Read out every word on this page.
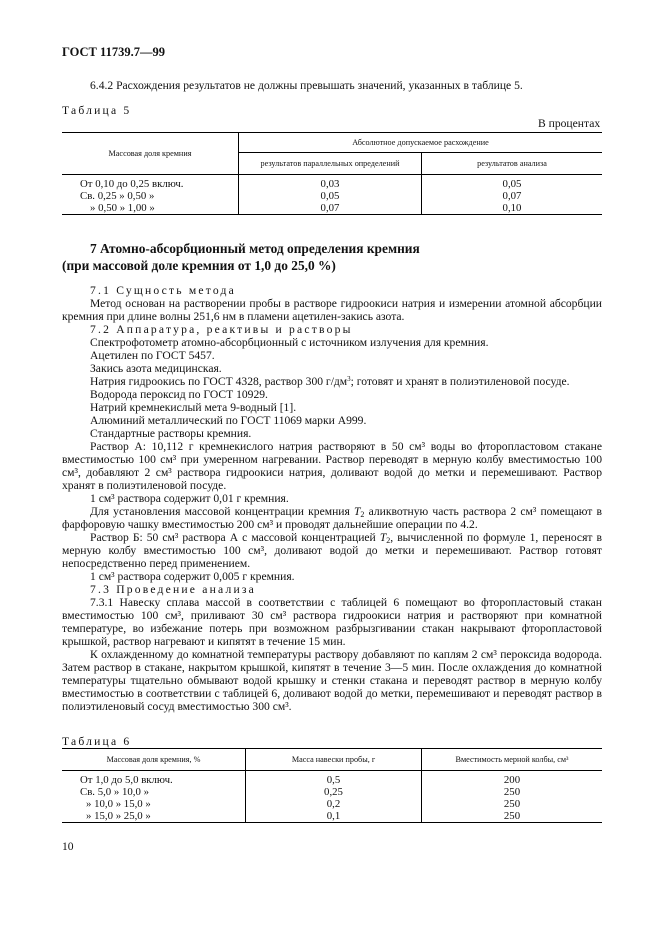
ГОСТ 11739.7—99
6.4.2 Расхождения результатов не должны превышать значений, указанных в таблице 5.
Таблица 5
В процентах
Массовая доля кремния	Абсолютное допускаемое расхождение	
	результатов параллельных определений	результатов анализа
От 0,10 до 0,25 включ.	0,03	0,05
Св. 0,25 » 0,50 »	0,05	0,07
» 0,50 » 1,00 »	0,07	0,10
7 Атомно-абсорбционный метод определения кремния
(при массовой доле кремния от 1,0 до 25,0 %)
7.1 Сущность метода
Метод основан на растворении пробы в растворе гидроокиси натрия и измерении атомной абсорбции кремния при длине волны 251,6 нм в пламени ацетилен-закись азота.
7.2 Аппаратура, реактивы и растворы
Спектрофотометр атомно-абсорбционный с источником излучения для кремния.
Ацетилен по ГОСТ 5457.
Закись азота медицинская.
Натрия гидроокись по ГОСТ 4328, раствор 300 $г/дм^3$; готовят и хранят в полиэтиленовой посуде.
Водорода пероксид по ГОСТ 10929.
Натрий кремнекислый мета 9-водный [1].
Алюминий металлический по ГОСТ 11069 марки А999.
Стандартные растворы кремния.
Раствор А: 10,112 г кремнекислого натрия растворяют в 50 см³ воды во фторопластовом стакане вместимостью 100 см³ при умеренном нагревании. Раствор переводят в мерную колбу вместимостью 100 см³, добавляют 2 см³ раствора гидроокиси натрия, доливают водой до метки и перемешивают. Раствор хранят в полиэтиленовой посуде.
1 см³ раствора содержит 0,01 г кремния.
Для установления массовой концентрации кремния $T_2$ аликвотную часть раствора 2 см³ помещают в фарфоровую чашку вместимостью 200 см³ и проводят дальнейшие операции по 4.2.
Раствор Б: 50 см³ раствора А с массовой концентрацией $T_2$, вычисленной по формуле 1, переносят в мерную колбу вместимостью 100 см³, доливают водой до метки и перемешивают. Раствор готовят непосредственно перед применением.
1 см³ раствора содержит 0,005 г кремния.
7.3 Проведение анализа
7.3.1 Навеску сплава массой в соответствии с таблицей 6 помещают во фторопластовый стакан вместимостью 100 см³, приливают 30 см³ раствора гидроокиси натрия и растворяют при комнатной температуре, во избежание потерь при возможном разбрызгивании стакан накрывают фторопластовой крышкой, раствор нагревают и кипятят в течение 15 мин.
К охлажденному до комнатной температуры раствору добавляют по каплям 2 см³ пероксида водорода. Затем раствор в стакане, накрытом крышкой, кипятят в течение 3—5 мин. После охлаждения до комнатной температуры тщательно обмывают водой крышку и стенки стакана и переводят раствор в мерную колбу вместимостью в соответствии с таблицей 6, доливают водой до метки, перемешивают и переводят раствор в полиэтиленовый сосуд вместимостью 300 см³.
Таблица 6
Массовая доля кремния, %	Масса навески пробы, г	Вместимость мерной колбы, см³
От 1,0 до 5,0 включ.	0,5	200
Св. 5,0 » 10,0 »	0,25	250
» 10,0 » 15,0 »	0,2	250
» 15,0 » 25,0 »	0,1	250
10
